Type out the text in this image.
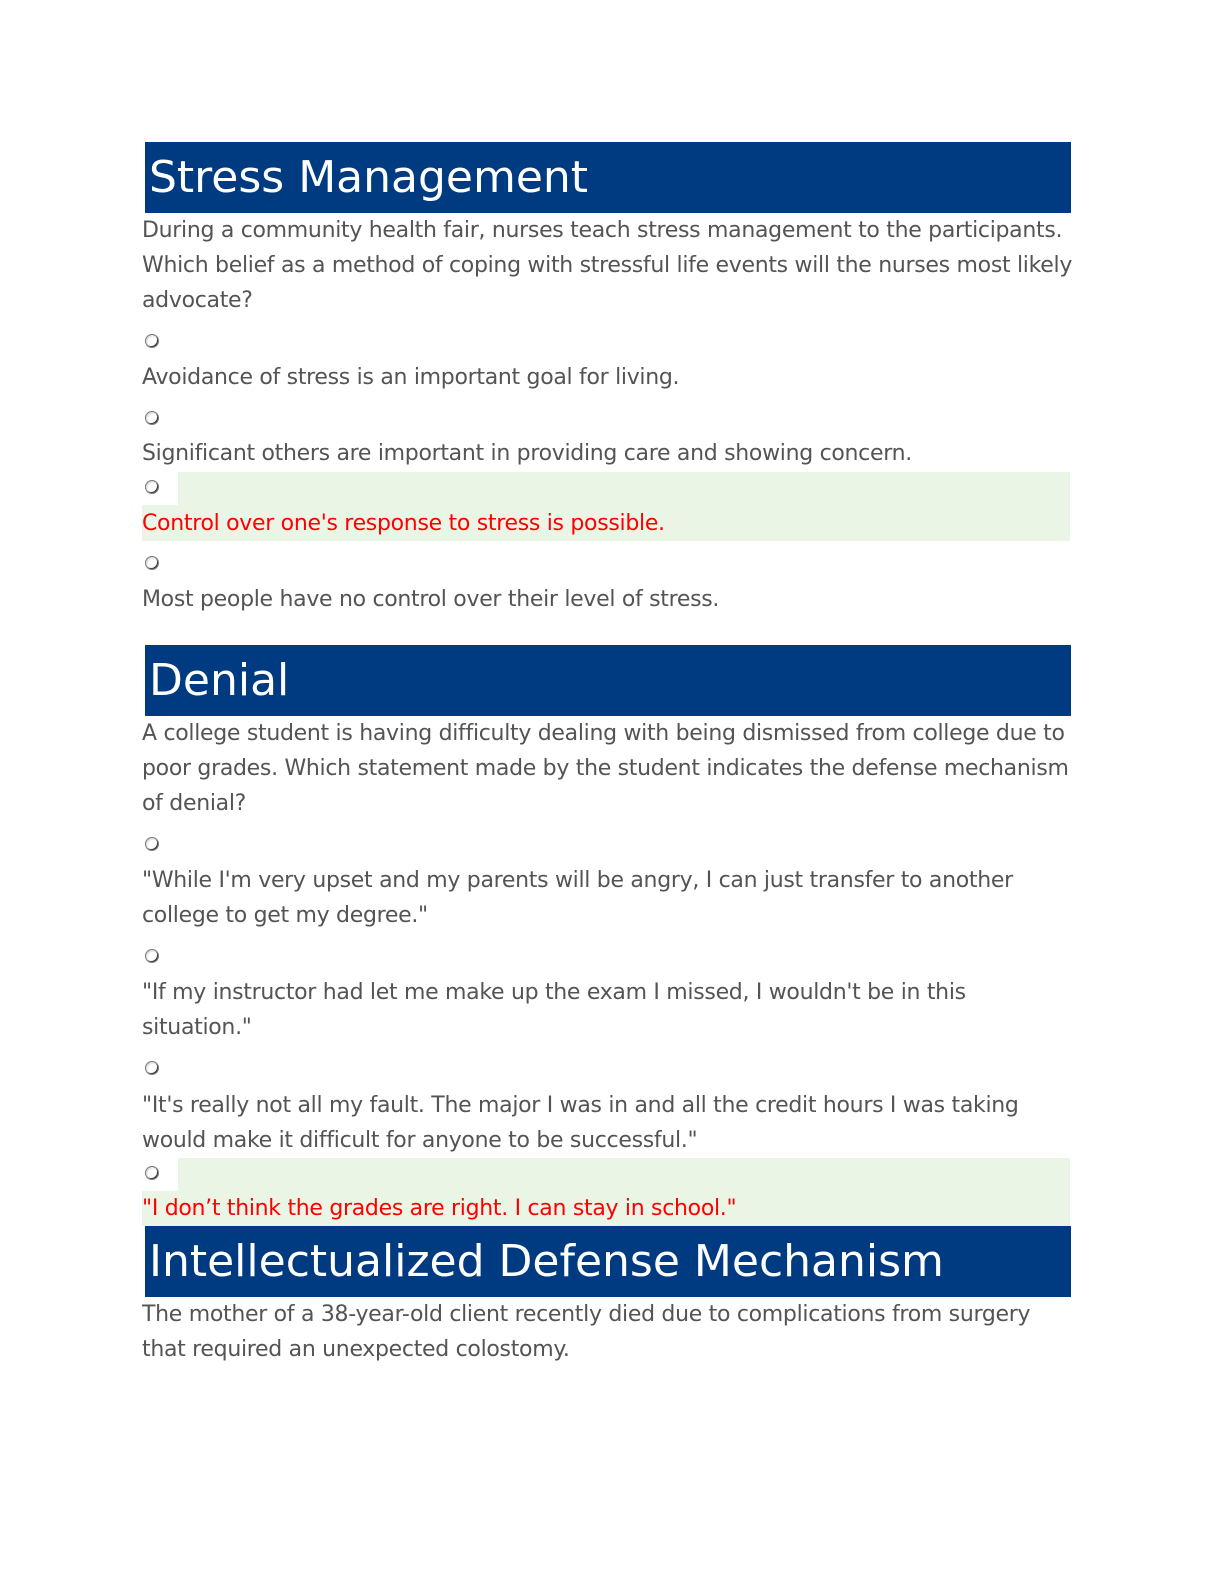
Stress Management
During a community health fair, nurses teach stress management to the participants. Which belief as a method of coping with stressful life events will the nurses most likely advocate?
Avoidance of stress is an important goal for living.
Significant others are important in providing care and showing concern.
Control over one's response to stress is possible.
Most people have no control over their level of stress.
Denial
A college student is having difficulty dealing with being dismissed from college due to poor grades. Which statement made by the student indicates the defense mechanism of denial?
"While I'm very upset and my parents will be angry, I can just transfer to another college to get my degree."
"If my instructor had let me make up the exam I missed, I wouldn't be in this situation."
"It's really not all my fault. The major I was in and all the credit hours I was taking would make it difficult for anyone to be successful."
"I don’t think the grades are right. I can stay in school."
Intellectualized Defense Mechanism
The mother of a 38-year-old client recently died due to complications from surgery that required an unexpected colostomy.
